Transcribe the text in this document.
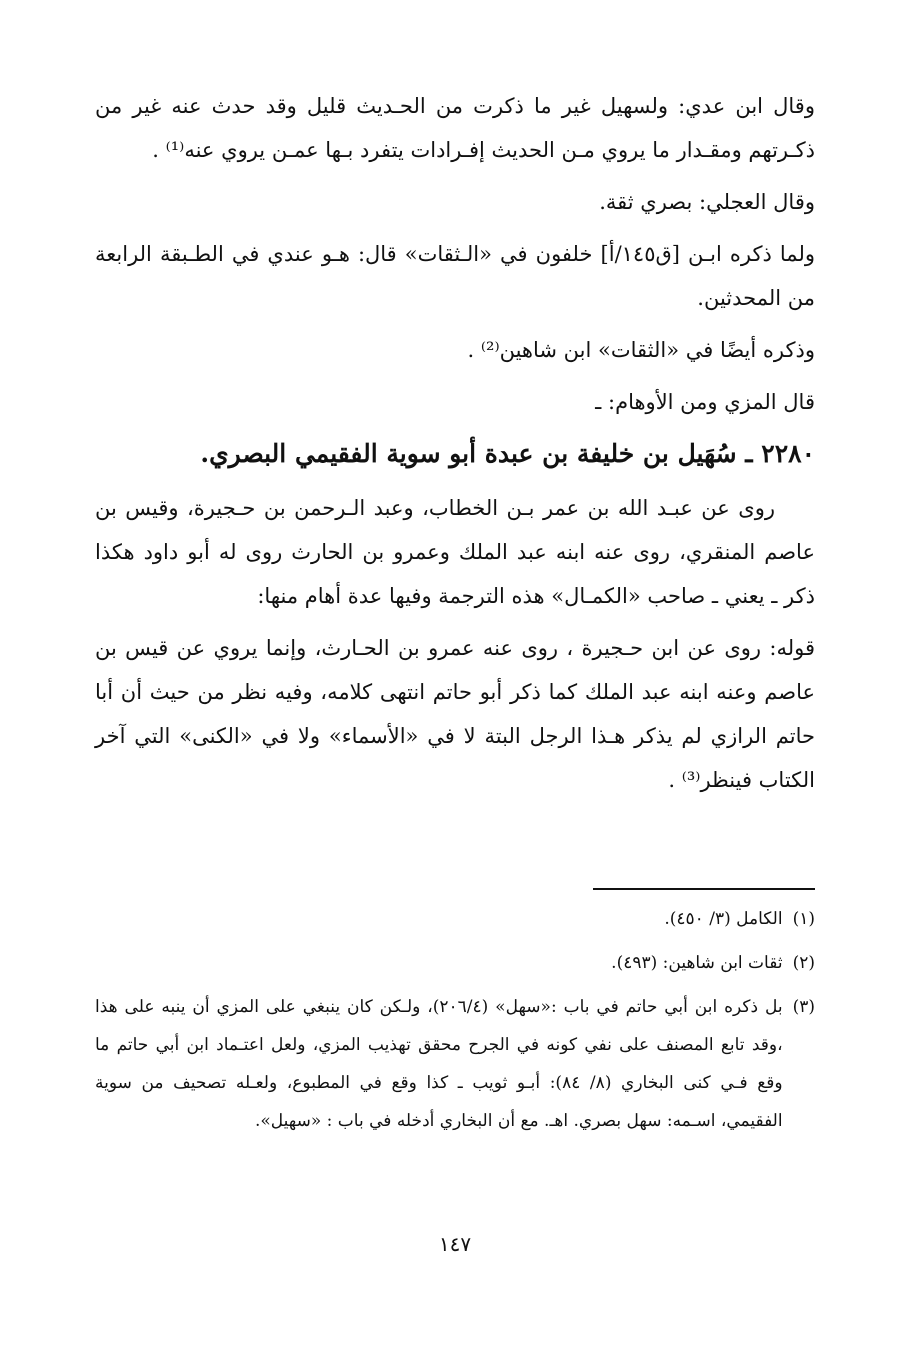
وقال ابن عدي: ولسهيل غير ما ذكرت من الحـديث قليل وقد حدث عنه غير من ذكـرتهم ومقـدار ما يروي مـن الحديث إفـرادات يتفرد بـها عمـن يروي عنه⁽¹⁾ .

وقال العجلي: بصري ثقة.

ولما ذكره ابـن [ق١٤٥/أ] خلفون في «الـثقات» قال: هـو عندي في الطـبقة الرابعة من المحدثين.

وذكره أيضًا في «الثقات» ابن شاهين⁽²⁾ .

قال المزي ومن الأوهام: ـ

٢٢٨٠ ـ سُهَيل بن خليفة بن عبدة أبو سوية الفقيمي البصري.

روى عن عبـد الله بن عمر بـن الخطاب، وعبد الـرحمن بن حـجيرة، وقيس بن عاصم المنقري، روى عنه ابنه عبد الملك وعمرو بن الحارث روى له أبو داود هكذا ذكر ـ يعني ـ صاحب «الكمـال» هذه الترجمة وفيها عدة أهام منها:

قوله: روى عن ابن حـجيرة ، روى عنه عمرو بن الحـارث، وإنما يروي عن قيس بن عاصم وعنه ابنه عبد الملك كما ذكر أبو حاتم انتهى كلامه، وفيه نظر من حيث أن أبا حاتم الرازي لم يذكر هـذا الرجل البتة لا في «الأسماء» ولا في «الكنى» التي آخر الكتاب فينظر⁽³⁾ .

(١)
الكامل (٣/ ٤٥٠).
(٢)
ثقات ابن شاهين: (٤٩٣).
(٣)
بل ذكره ابن أبي حاتم في باب :«سهل» (٢٠٦/٤)، ولـكن كان ينبغي على المزي أن ينبه على هذا ،وقد تابع المصنف على نفي كونه في الجرح محقق تهذيب المزي، ولعل اعتـماد ابن أبي حاتم ما وقع فـي كنى البخاري (٨/ ٨٤): أبـو ثويب ـ كذا وقع في المطبوع، ولعـله تصحيف من سوية الفقيمي، اسـمه: سهل بصري. اهـ. مع أن البخاري أدخله في باب : «سهيل».
١٤٧
